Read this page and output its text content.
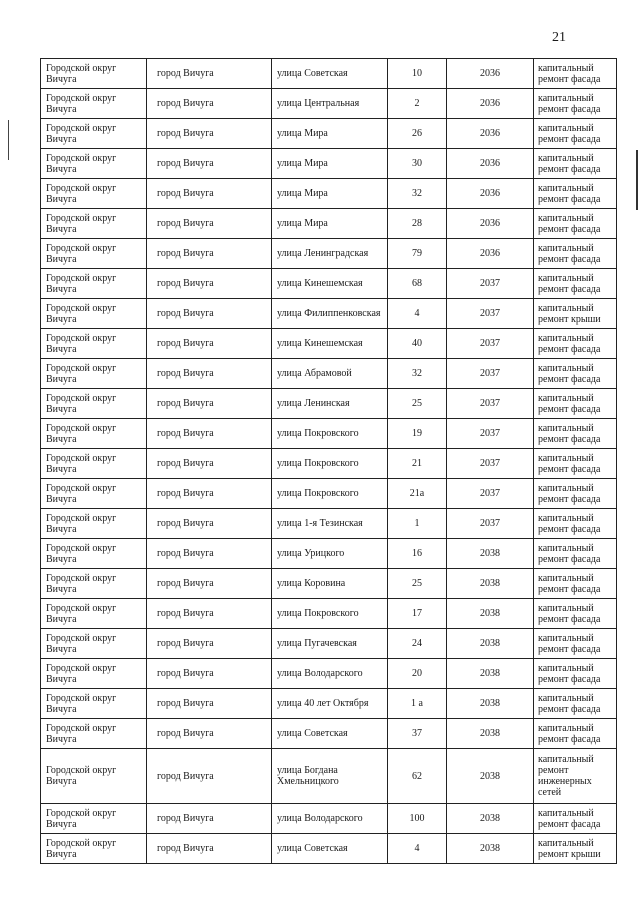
21
Городской округ Вичуга	город Вичуга	улица Советская	10	2036	капитальный ремонт фасада
Городской округ Вичуга	город Вичуга	улица Центральная	2	2036	капитальный ремонт фасада
Городской округ Вичуга	город Вичуга	улица Мира	26	2036	капитальный ремонт фасада
Городской округ Вичуга	город Вичуга	улица Мира	30	2036	капитальный ремонт фасада
Городской округ Вичуга	город Вичуга	улица Мира	32	2036	капитальный ремонт фасада
Городской округ Вичуга	город Вичуга	улица Мира	28	2036	капитальный ремонт фасада
Городской округ Вичуга	город Вичуга	улица Ленинградская	79	2036	капитальный ремонт фасада
Городской округ Вичуга	город Вичуга	улица Кинешемская	68	2037	капитальный ремонт фасада
Городской округ Вичуга	город Вичуга	улица Филиппенковская	4	2037	капитальный ремонт крыши
Городской округ Вичуга	город Вичуга	улица Кинешемская	40	2037	капитальный ремонт фасада
Городской округ Вичуга	город Вичуга	улица Абрамовой	32	2037	капитальный ремонт фасада
Городской округ Вичуга	город Вичуга	улица Ленинская	25	2037	капитальный ремонт фасада
Городской округ Вичуга	город Вичуга	улица Покровского	19	2037	капитальный ремонт фасада
Городской округ Вичуга	город Вичуга	улица Покровского	21	2037	капитальный ремонт фасада
Городской округ Вичуга	город Вичуга	улица Покровского	21а	2037	капитальный ремонт фасада
Городской округ Вичуга	город Вичуга	улица 1-я Тезинская	1	2037	капитальный ремонт фасада
Городской округ Вичуга	город Вичуга	улица Урицкого	16	2038	капитальный ремонт фасада
Городской округ Вичуга	город Вичуга	улица Коровина	25	2038	капитальный ремонт фасада
Городской округ Вичуга	город Вичуга	улица Покровского	17	2038	капитальный ремонт фасада
Городской округ Вичуга	город Вичуга	улица Пугачевская	24	2038	капитальный ремонт фасада
Городской округ Вичуга	город Вичуга	улица Володарского	20	2038	капитальный ремонт фасада
Городской округ Вичуга	город Вичуга	улица 40 лет Октября	1 а	2038	капитальный ремонт фасада
Городской округ Вичуга	город Вичуга	улица Советская	37	2038	капитальный ремонт фасада
Городской округ Вичуга	город Вичуга	улица Богдана Хмельницкого	62	2038	капитальный ремонт инженерных сетей
Городской округ Вичуга	город Вичуга	улица Володарского	100	2038	капитальный ремонт фасада
Городской округ Вичуга	город Вичуга	улица Советская	4	2038	капитальный ремонт крыши
